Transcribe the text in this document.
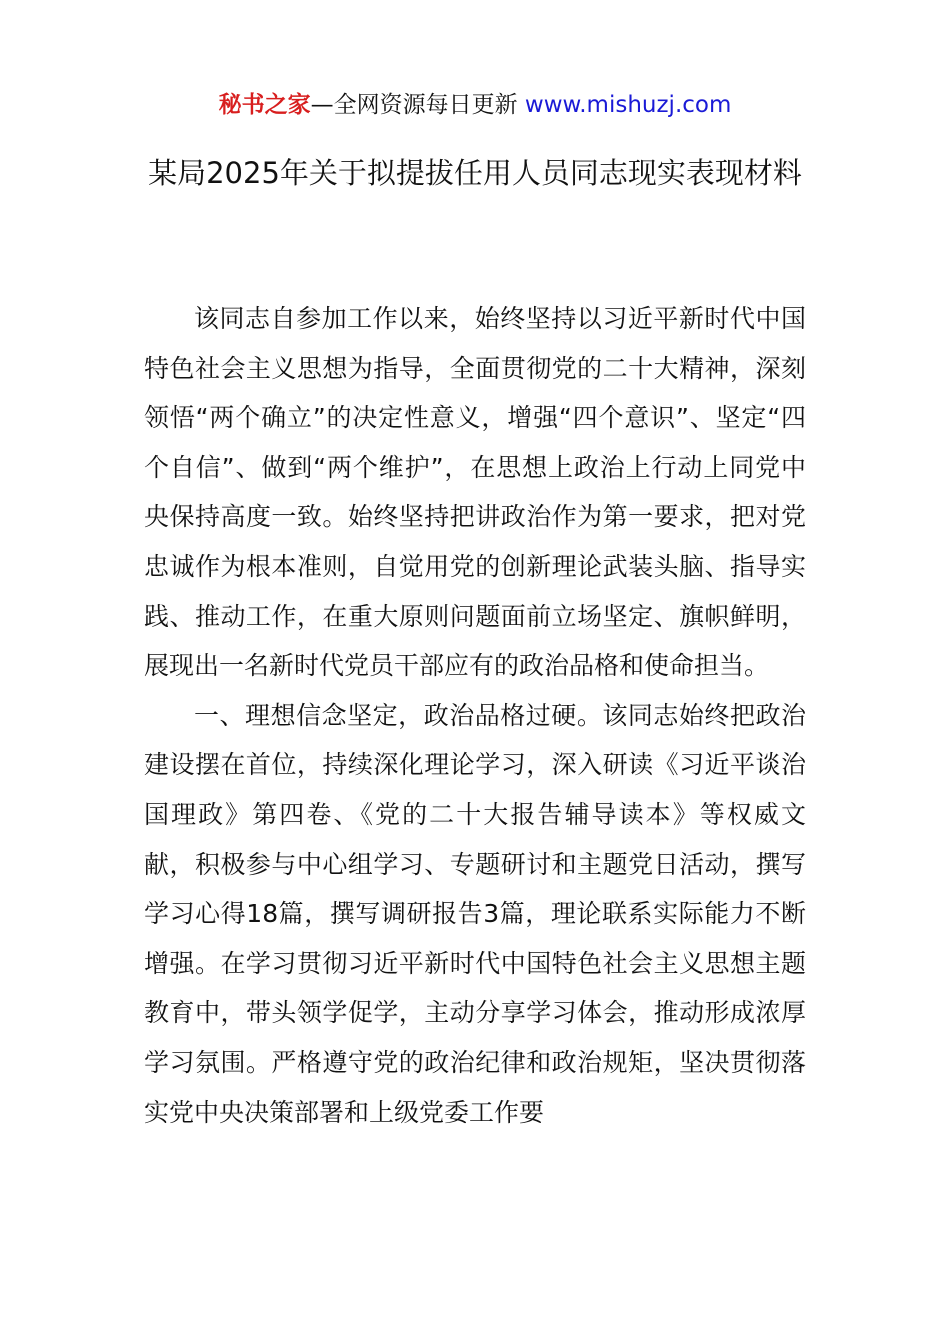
秘书之家—全网资源每日更新 www.mishuzj.com
某局2025年关于拟提拔任用人员同志现实表现材料

该同志自参加工作以来，始终坚持以习近平新时代中国特色社会主义思想为指导，全面贯彻党的二十大精神，深刻领悟“两个确立”的决定性意义，增强“四个意识”、坚定“四个自信”、做到“两个维护”，在思想上政治上行动上同党中央保持高度一致。始终坚持把讲政治作为第一要求，把对党忠诚作为根本准则，自觉用党的创新理论武装头脑、指导实践、推动工作，在重大原则问题面前立场坚定、旗帜鲜明，展现出一名新时代党员干部应有的政治品格和使命担当。

一、理想信念坚定，政治品格过硬。该同志始终把政治建设摆在首位，持续深化理论学习，深入研读《习近平谈治国理政》第四卷、《党的二十大报告辅导读本》等权威文献，积极参与中心组学习、专题研讨和主题党日活动，撰写学习心得18篇，撰写调研报告3篇，理论联系实际能力不断增强。在学习贯彻习近平新时代中国特色社会主义思想主题教育中，带头领学促学，主动分享学习体会，推动形成浓厚学习氛围。严格遵守党的政治纪律和政治规矩，坚决贯彻落实党中央决策部署和上级党委工作要
